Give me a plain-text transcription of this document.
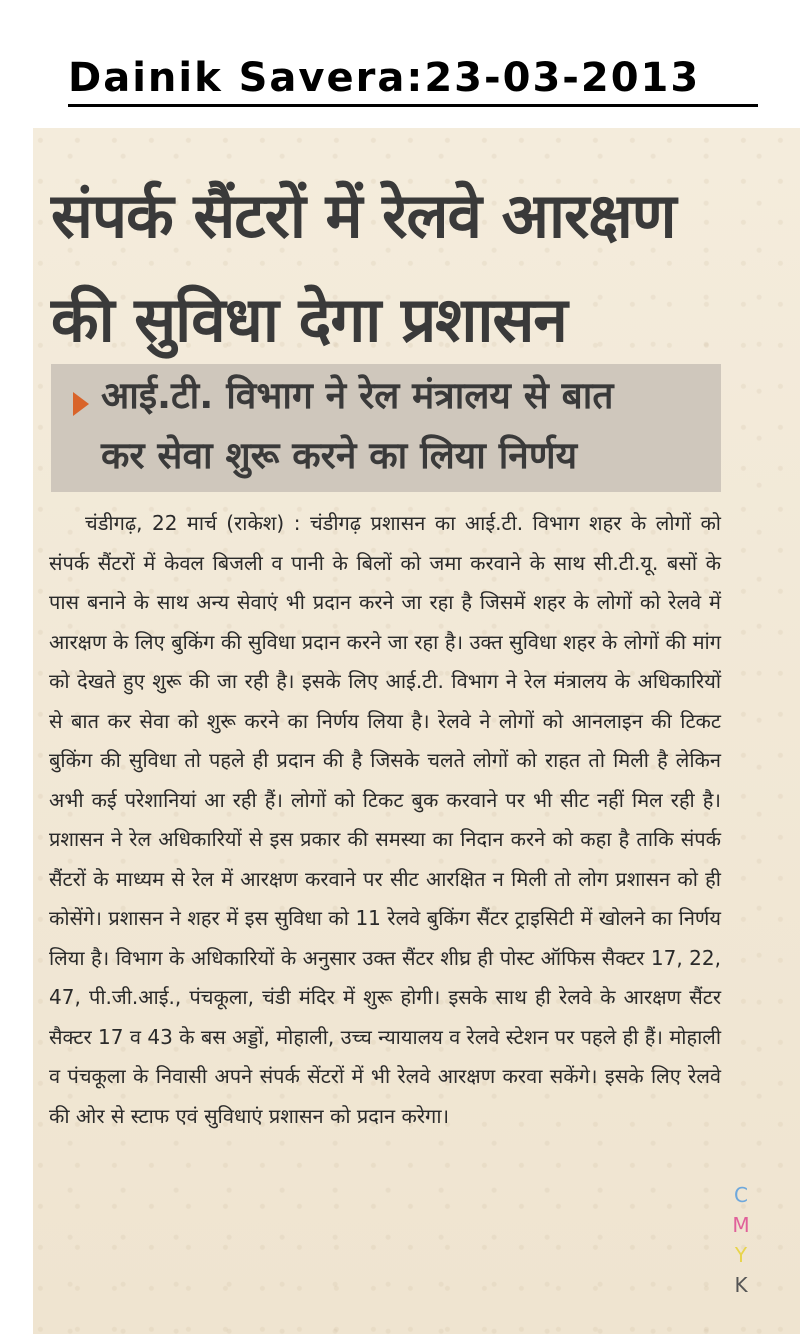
Dainik Savera:23-03-2013
संपर्क सैंटरों में रेलवे आरक्षण
की सुविधा देगा प्रशासन
आई.टी. विभाग ने रेल मंत्रालय से बात
कर सेवा शुरू करने का लिया निर्णय

चंडीगढ़, 22 मार्च (राकेश) : चंडीगढ़ प्रशासन का आई.टी. विभाग शहर के लोगों को संपर्क सैंटरों में केवल बिजली व पानी के बिलों को जमा करवाने के साथ सी.टी.यू. बसों के पास बनाने के साथ अन्य सेवाएं भी प्रदान करने जा रहा है जिसमें शहर के लोगों को रेलवे में आरक्षण के लिए बुकिंग की सुविधा प्रदान करने जा रहा है। उक्त सुविधा शहर के लोगों की मांग को देखते हुए शुरू की जा रही है। इसके लिए आई.टी. विभाग ने रेल मंत्रालय के अधिकारियों से बात कर सेवा को शुरू करने का निर्णय लिया है। रेलवे ने लोगों को आनलाइन की टिकट बुकिंग की सुविधा तो पहले ही प्रदान की है जिसके चलते लोगों को राहत तो मिली है लेकिन अभी कई परेशानियां आ रही हैं। लोगों को टिकट बुक करवाने पर भी सीट नहीं मिल रही है। प्रशासन ने रेल अधिकारियों से इस प्रकार की समस्या का निदान करने को कहा है ताकि संपर्क सैंटरों के माध्यम से रेल में आरक्षण करवाने पर सीट आरक्षित न मिली तो लोग प्रशासन को ही कोसेंगे। प्रशासन ने शहर में इस सुविधा को 11 रेलवे बुकिंग सैंटर ट्राइसिटी में खोलने का निर्णय लिया है। विभाग के अधिकारियों के अनुसार उक्त सैंटर शीघ्र ही पोस्ट ऑफिस सैक्टर 17, 22, 47, पी.जी.आई., पंचकूला, चंडी मंदिर में शुरू होगी। इसके साथ ही रेलवे के आरक्षण सैंटर सैक्टर 17 व 43 के बस अड्डों, मोहाली, उच्च न्यायालय व रेलवे स्टेशन पर पहले ही हैं। मोहाली व पंचकूला के निवासी अपने संपर्क सेंटरों में भी रेलवे आरक्षण करवा सकेंगे। इसके लिए रेलवे की ओर से स्टाफ एवं सुविधाएं प्रशासन को प्रदान करेगा।

C
M
Y
K
